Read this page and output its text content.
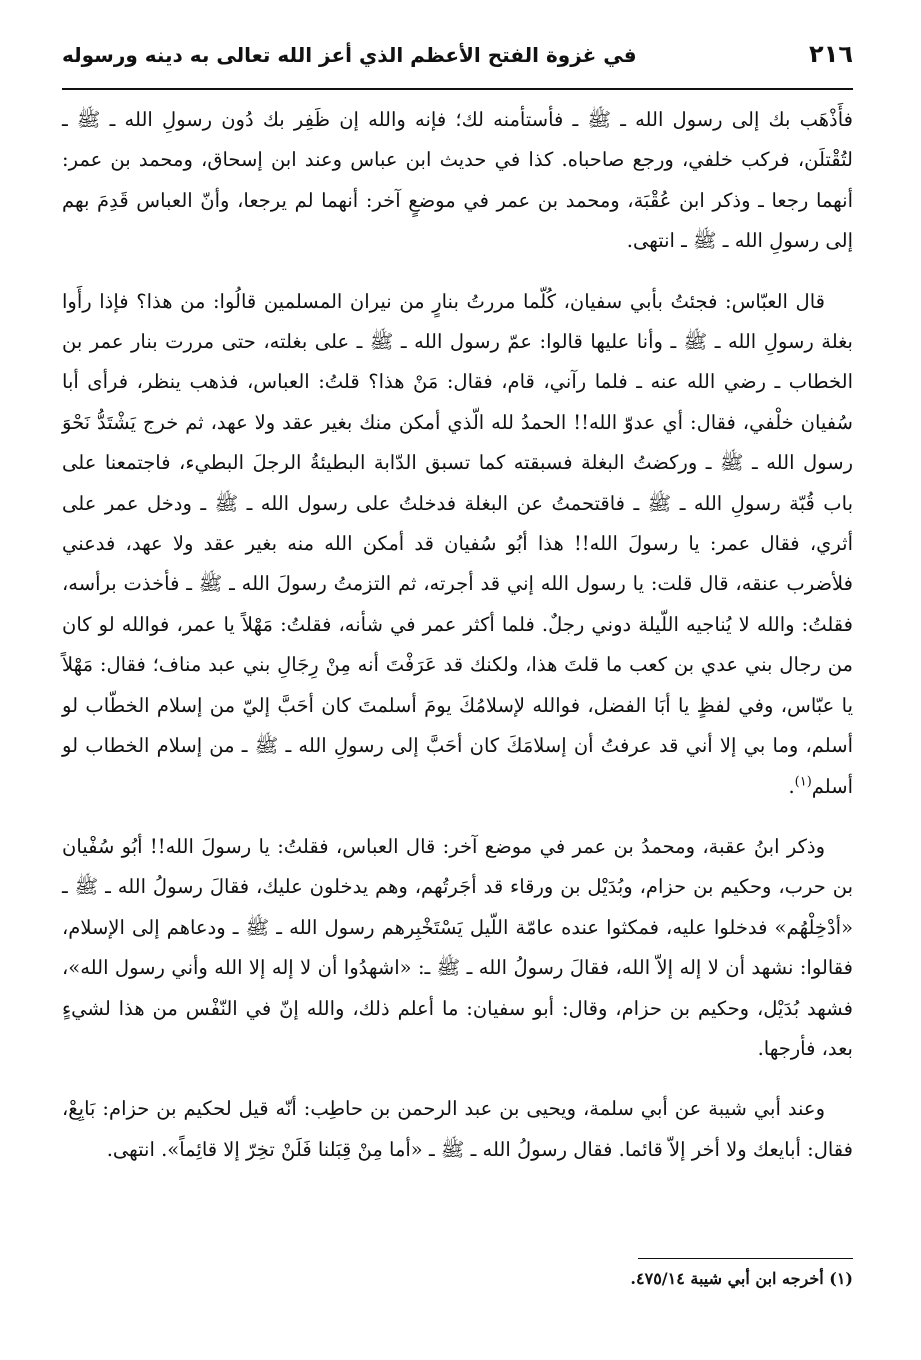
٢١٦
في غزوة الفتح الأعظم الذي أعز الله تعالى به دينه ورسوله

فأَذْهَب بك إلى رسول الله ـ ﷺ ـ فأستأمنه لك؛ فإنه والله إن ظَفِر بك دُون رسولِ الله ـ ﷺ ـ لتُقْتلَن، فركب خلفي، ورجع صاحباه. كذا في حديث ابن عباس وعند ابن إسحاق، ومحمد بن عمر: أنهما رجعا ـ وذكر ابن عُقْبَة، ومحمد بن عمر في موضعٍ آخر: أنهما لم يرجعا، وأنّ العباس قَدِمَ بهم إلى رسولِ الله ـ ﷺ ـ انتهى.

قال العبّاس: فجئتُ بأبي سفيان، كُلّما مررتُ بنارٍ من نيران المسلمين قالُوا: من هذا؟ فإذا رأَوا بغلة رسولِ الله ـ ﷺ ـ وأنا عليها قالوا: عمّ رسول الله ـ ﷺ ـ على بغلته، حتى مررت بنار عمر بن الخطاب ـ رضي الله عنه ـ فلما رآني، قام، فقال: مَنْ هذا؟ قلتُ: العباس، فذهب ينظر، فرأى أبا سُفيان خلْفي، فقال: أي عدوّ الله!! الحمدُ لله الّذي أمكن منك بغير عقد ولا عهد، ثم خرج يَشْتَدُّ نَحْوَ رسول الله ـ ﷺ ـ وركضتُ البغلة فسبقته كما تسبق الدّابة البطيئةُ الرجلَ البطيء، فاجتمعنا على باب قُبّة رسولِ الله ـ ﷺ ـ فاقتحمتُ عن البغلة فدخلتُ على رسول الله ـ ﷺ ـ ودخل عمر على أثري، فقال عمر: يا رسولَ الله!! هذا أبُو سُفيان قد أمكن الله منه بغير عقد ولا عهد، فدعني فلأضرب عنقه، قال قلت: يا رسول الله إني قد أجرته، ثم التزمتُ رسولَ الله ـ ﷺ ـ فأخذت برأسه، فقلتُ: والله لا يُناجيه اللّيلة دوني رجلٌ. فلما أكثر عمر في شأنه، فقلتُ: مَهْلاً يا عمر، فوالله لو كان من رجال بني عدي بن كعب ما قلتَ هذا، ولكنك قد عَرَفْتَ أنه مِنْ رِجَالِ بني عبد مناف؛ فقال: مَهْلاً يا عبّاس، وفي لفظٍ يا أبَا الفضل، فوالله لإسلامُكَ يومَ أسلمتَ كان أحَبَّ إليّ من إسلام الخطّاب لو أسلم، وما بي إلا أني قد عرفتُ أن إسلامَكَ كان أحَبَّ إلى رسولِ الله ـ ﷺ ـ من إسلام الخطاب لو أسلم$^{(١)}$.

وذكر ابنُ عقبة، ومحمدُ بن عمر في موضع آخر: قال العباس، فقلتُ: يا رسولَ الله!! أبُو سُفْيان بن حرب، وحكيم بن حزام، وبُدَيْل بن ورقاء قد أجَرتُهم، وهم يدخلون عليك، فقالَ رسولُ الله ـ ﷺ ـ «أدْخِلْهُم» فدخلوا عليه، فمكثوا عنده عامّة اللّيل يَسْتَخْبِرهم رسول الله ـ ﷺ ـ ودعاهم إلى الإسلام، فقالوا: نشهد أن لا إله إلاّ الله، فقالَ رسولُ الله ـ ﷺ ـ: «اشهدُوا أن لا إله إلا الله وأني رسول الله»، فشهد بُدَيْل، وحكيم بن حزام، وقال: أبو سفيان: ما أعلم ذلك، والله إنّ في النّفْس من هذا لشيءٍ بعد، فأرجها.

وعند أبي شيبة عن أبي سلمة، ويحيى بن عبد الرحمن بن حاطِب: أنّه قيل لحكيم بن حزام: بَايِعْ، فقال: أبايعك ولا أخر إلاّ قائما. فقال رسولُ الله ـ ﷺ ـ «أما مِنْ قِبَلنا فَلَنْ تخِرّ إلا قائِماً». انتهى.

(١) أخرجه ابن أبي شيبة ٤٧٥/١٤.
